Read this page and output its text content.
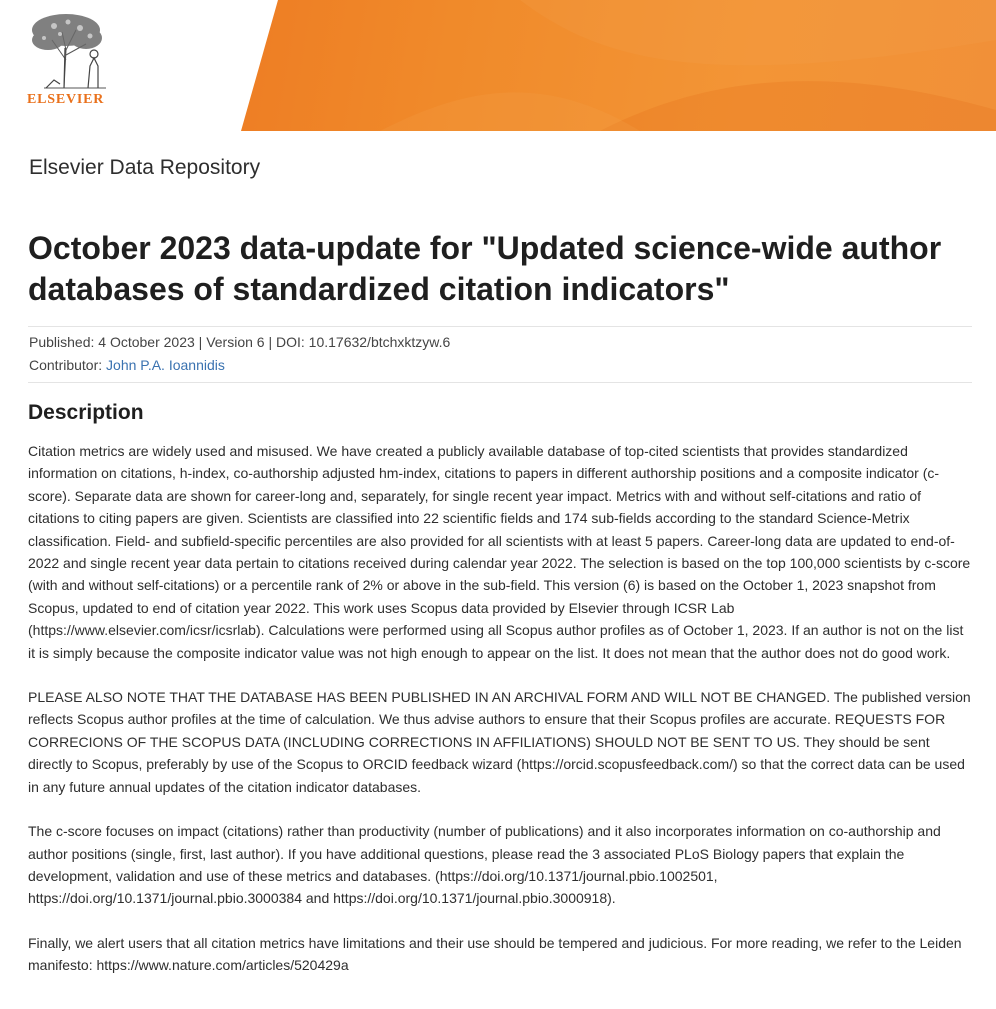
ELSEVIER
Elsevier Data Repository
October 2023 data-update for "Updated science-wide author databases of standardized citation indicators"
Published: 4 October 2023 | Version 6 | DOI: 10.17632/btchxktzyw.6
Contributor: John P.A. Ioannidis
Description

Citation metrics are widely used and misused. We have created a publicly available database of top-cited scientists that provides standardized information on citations, h-index, co-authorship adjusted hm-index, citations to papers in different authorship positions and a composite indicator (c-score). Separate data are shown for career-long and, separately, for single recent year impact. Metrics with and without self-citations and ratio of citations to citing papers are given. Scientists are classified into 22 scientific fields and 174 sub-fields according to the standard Science-Metrix classification. Field- and subfield-specific percentiles are also provided for all scientists with at least 5 papers. Career-long data are updated to end-of-2022 and single recent year data pertain to citations received during calendar year 2022. The selection is based on the top 100,000 scientists by c-score (with and without self-citations) or a percentile rank of 2% or above in the sub-field. This version (6) is based on the October 1, 2023 snapshot from Scopus, updated to end of citation year 2022. This work uses Scopus data provided by Elsevier through ICSR Lab (https://www.elsevier.com/icsr/icsrlab). Calculations were performed using all Scopus author profiles as of October 1, 2023. If an author is not on the list it is simply because the composite indicator value was not high enough to appear on the list. It does not mean that the author does not do good work.

PLEASE ALSO NOTE THAT THE DATABASE HAS BEEN PUBLISHED IN AN ARCHIVAL FORM AND WILL NOT BE CHANGED. The published version reflects Scopus author profiles at the time of calculation. We thus advise authors to ensure that their Scopus profiles are accurate. REQUESTS FOR CORRECIONS OF THE SCOPUS DATA (INCLUDING CORRECTIONS IN AFFILIATIONS) SHOULD NOT BE SENT TO US. They should be sent directly to Scopus, preferably by use of the Scopus to ORCID feedback wizard (https://orcid.scopusfeedback.com/) so that the correct data can be used in any future annual updates of the citation indicator databases.

The c-score focuses on impact (citations) rather than productivity (number of publications) and it also incorporates information on co-authorship and author positions (single, first, last author). If you have additional questions, please read the 3 associated PLoS Biology papers that explain the development, validation and use of these metrics and databases. (https://doi.org/10.1371/journal.pbio.1002501, https://doi.org/10.1371/journal.pbio.3000384 and https://doi.org/10.1371/journal.pbio.3000918).

Finally, we alert users that all citation metrics have limitations and their use should be tempered and judicious. For more reading, we refer to the Leiden manifesto: https://www.nature.com/articles/520429a
